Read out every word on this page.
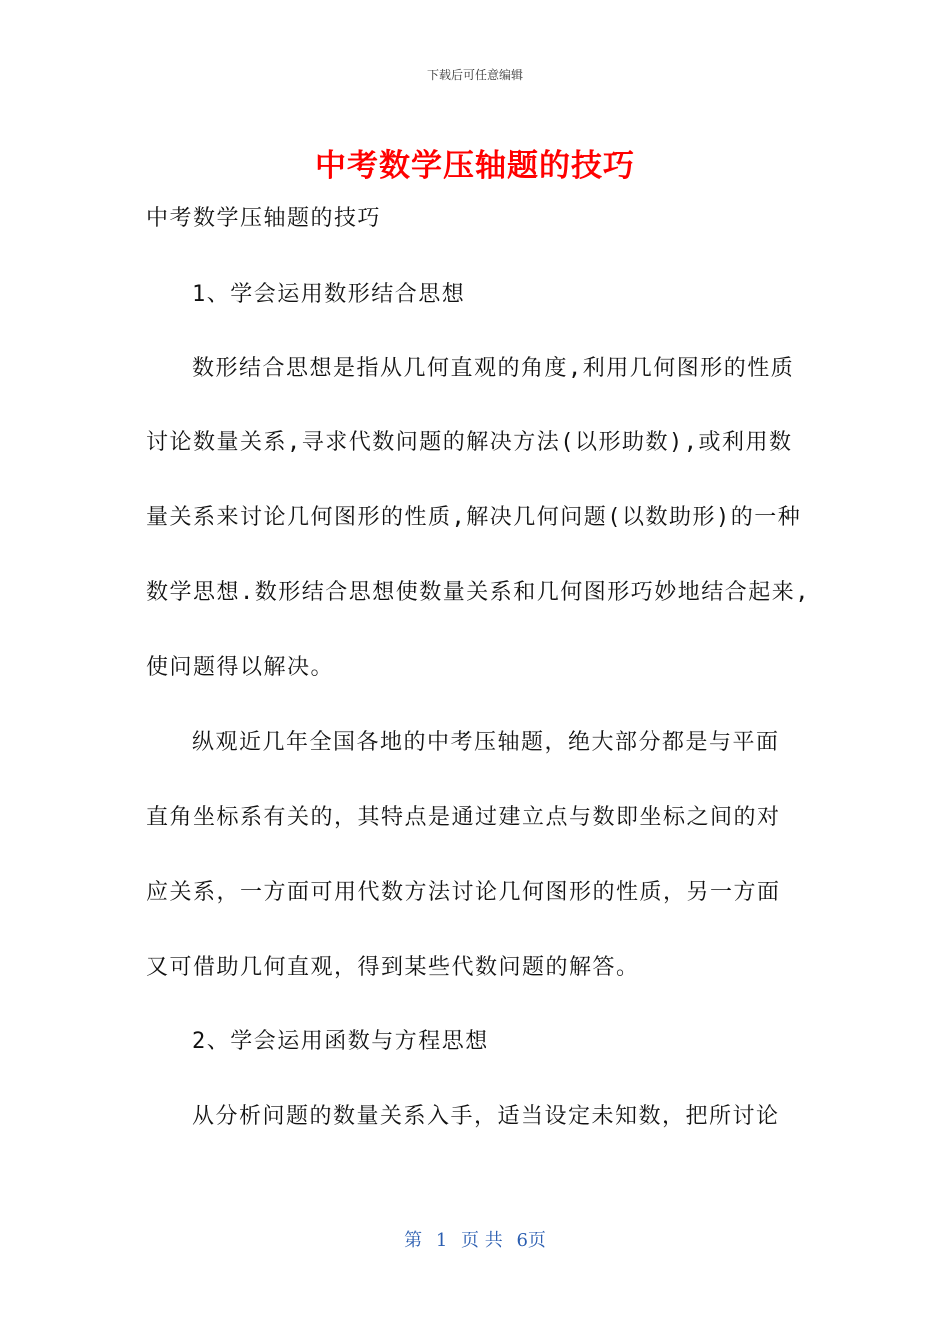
下载后可任意编辑
中考数学压轴题的技巧
中考数学压轴题的技巧
1、学会运用数形结合思想
数形结合思想是指从几何直观的角度,利用几何图形的性质
讨论数量关系,寻求代数问题的解决方法(以形助数),或利用数
量关系来讨论几何图形的性质,解决几何问题(以数助形)的一种
数学思想.数形结合思想使数量关系和几何图形巧妙地结合起来,
使问题得以解决。
纵观近几年全国各地的中考压轴题，绝大部分都是与平面
直角坐标系有关的，其特点是通过建立点与数即坐标之间的对
应关系，一方面可用代数方法讨论几何图形的性质，另一方面
又可借助几何直观，得到某些代数问题的解答。
2、学会运用函数与方程思想
从分析问题的数量关系入手，适当设定未知数，把所讨论
第 1 页 共 6页
